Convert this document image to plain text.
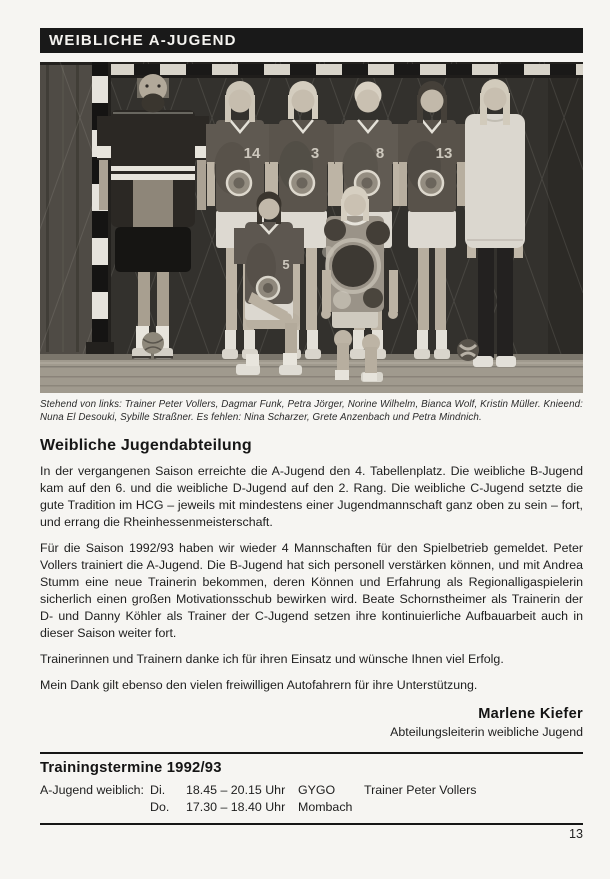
WEIBLICHE A-JUGEND
14	3	8	13
5
Stehend von links: Trainer Peter Vollers, Dagmar Funk, Petra Jörger, Norine Wilhelm, Bianca Wolf, Kristin Müller. Knieend: Nuna El Desouki, Sybille Straßner. Es fehlen: Nina Scharzer, Grete Anzenbach und Petra Mindnich.
Weibliche Jugendabteilung

In der vergangenen Saison erreichte die A-Jugend den 4. Tabellenplatz. Die weibliche B-Jugend kam auf den 6. und die weibliche D-Jugend auf den 2. Rang. Die weibliche C-Jugend setzte die gute Tradition im HCG – jeweils mit mindestens einer Jugendmannschaft ganz oben zu sein – fort, und errang die Rheinhessenmeisterschaft.

Für die Saison 1992/93 haben wir wieder 4 Mannschaften für den Spielbetrieb gemeldet. Peter Vollers trainiert die A-Jugend. Die B-Jugend hat sich personell verstärken können, und mit Andrea Stumm eine neue Trainerin bekommen, deren Können und Erfahrung als Regionalligaspielerin sicherlich einen großen Motivationsschub bewirken wird. Beate Schornstheimer als Trainerin der D- und Danny Köhler als Trainer der C-Jugend setzen ihre kontinuierliche Aufbauarbeit auch in dieser Saison weiter fort.

Trainerinnen und Trainern danke ich für ihren Einsatz und wünsche Ihnen viel Erfolg.

Mein Dank gilt ebenso den vielen freiwilligen Autofahrern für ihre Unterstützung.

Marlene Kiefer
Abteilungsleiterin weibliche Jugend
Trainingstermine 1992/93
A-Jugend weiblich: Di.	18.45 – 20.15 Uhr	GYGO	Trainer Peter Vollers
Do.	17.30 – 18.40 Uhr	Mombach
13
